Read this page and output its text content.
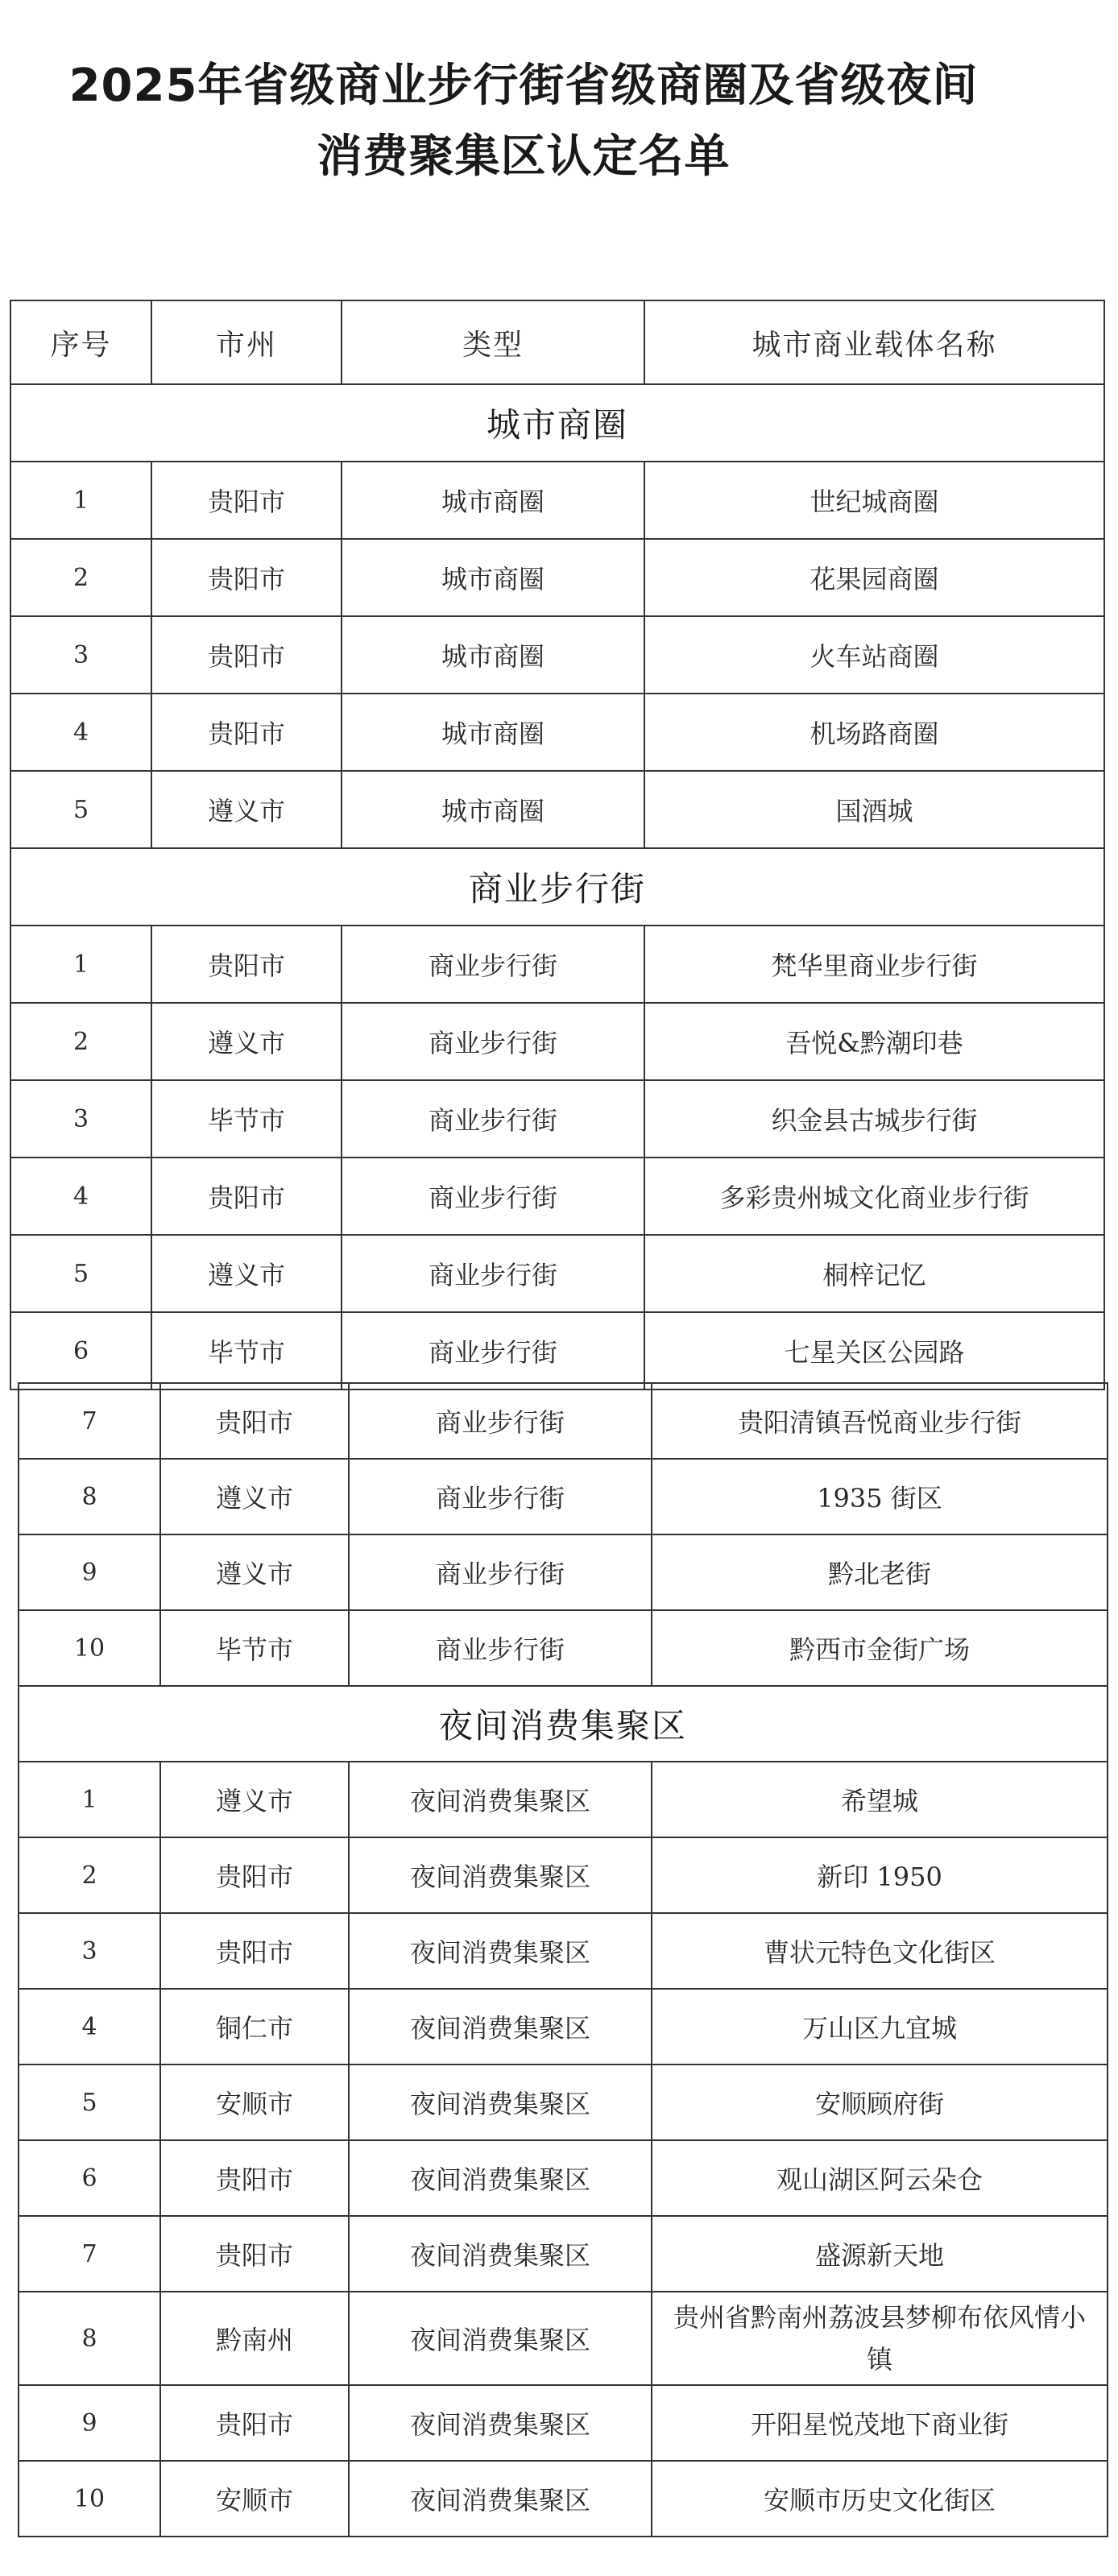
2025年省级商业步行街省级商圈及省级夜间
消费聚集区认定名单
序号	市州	类型	城市商业载体名称
城市商圈			
1	贵阳市	城市商圈	世纪城商圈
2	贵阳市	城市商圈	花果园商圈
3	贵阳市	城市商圈	火车站商圈
4	贵阳市	城市商圈	机场路商圈
5	遵义市	城市商圈	国酒城
商业步行街			
1	贵阳市	商业步行街	梵华里商业步行街
2	遵义市	商业步行街	吾悦&黔潮印巷
3	毕节市	商业步行街	织金县古城步行街
4	贵阳市	商业步行街	多彩贵州城文化商业步行街
5	遵义市	商业步行街	桐梓记忆
6	毕节市	商业步行街	七星关区公园路
7	贵阳市	商业步行街	贵阳清镇吾悦商业步行街
8	遵义市	商业步行街	1935 街区
9	遵义市	商业步行街	黔北老街
10	毕节市	商业步行街	黔西市金街广场
夜间消费集聚区			
1	遵义市	夜间消费集聚区	希望城
2	贵阳市	夜间消费集聚区	新印 1950
3	贵阳市	夜间消费集聚区	曹状元特色文化街区
4	铜仁市	夜间消费集聚区	万山区九宜城
5	安顺市	夜间消费集聚区	安顺顾府街
6	贵阳市	夜间消费集聚区	观山湖区阿云朵仓
7	贵阳市	夜间消费集聚区	盛源新天地
8	黔南州	夜间消费集聚区	贵州省黔南州荔波县梦柳布依风情小镇
9	贵阳市	夜间消费集聚区	开阳星悦茂地下商业街
10	安顺市	夜间消费集聚区	安顺市历史文化街区
